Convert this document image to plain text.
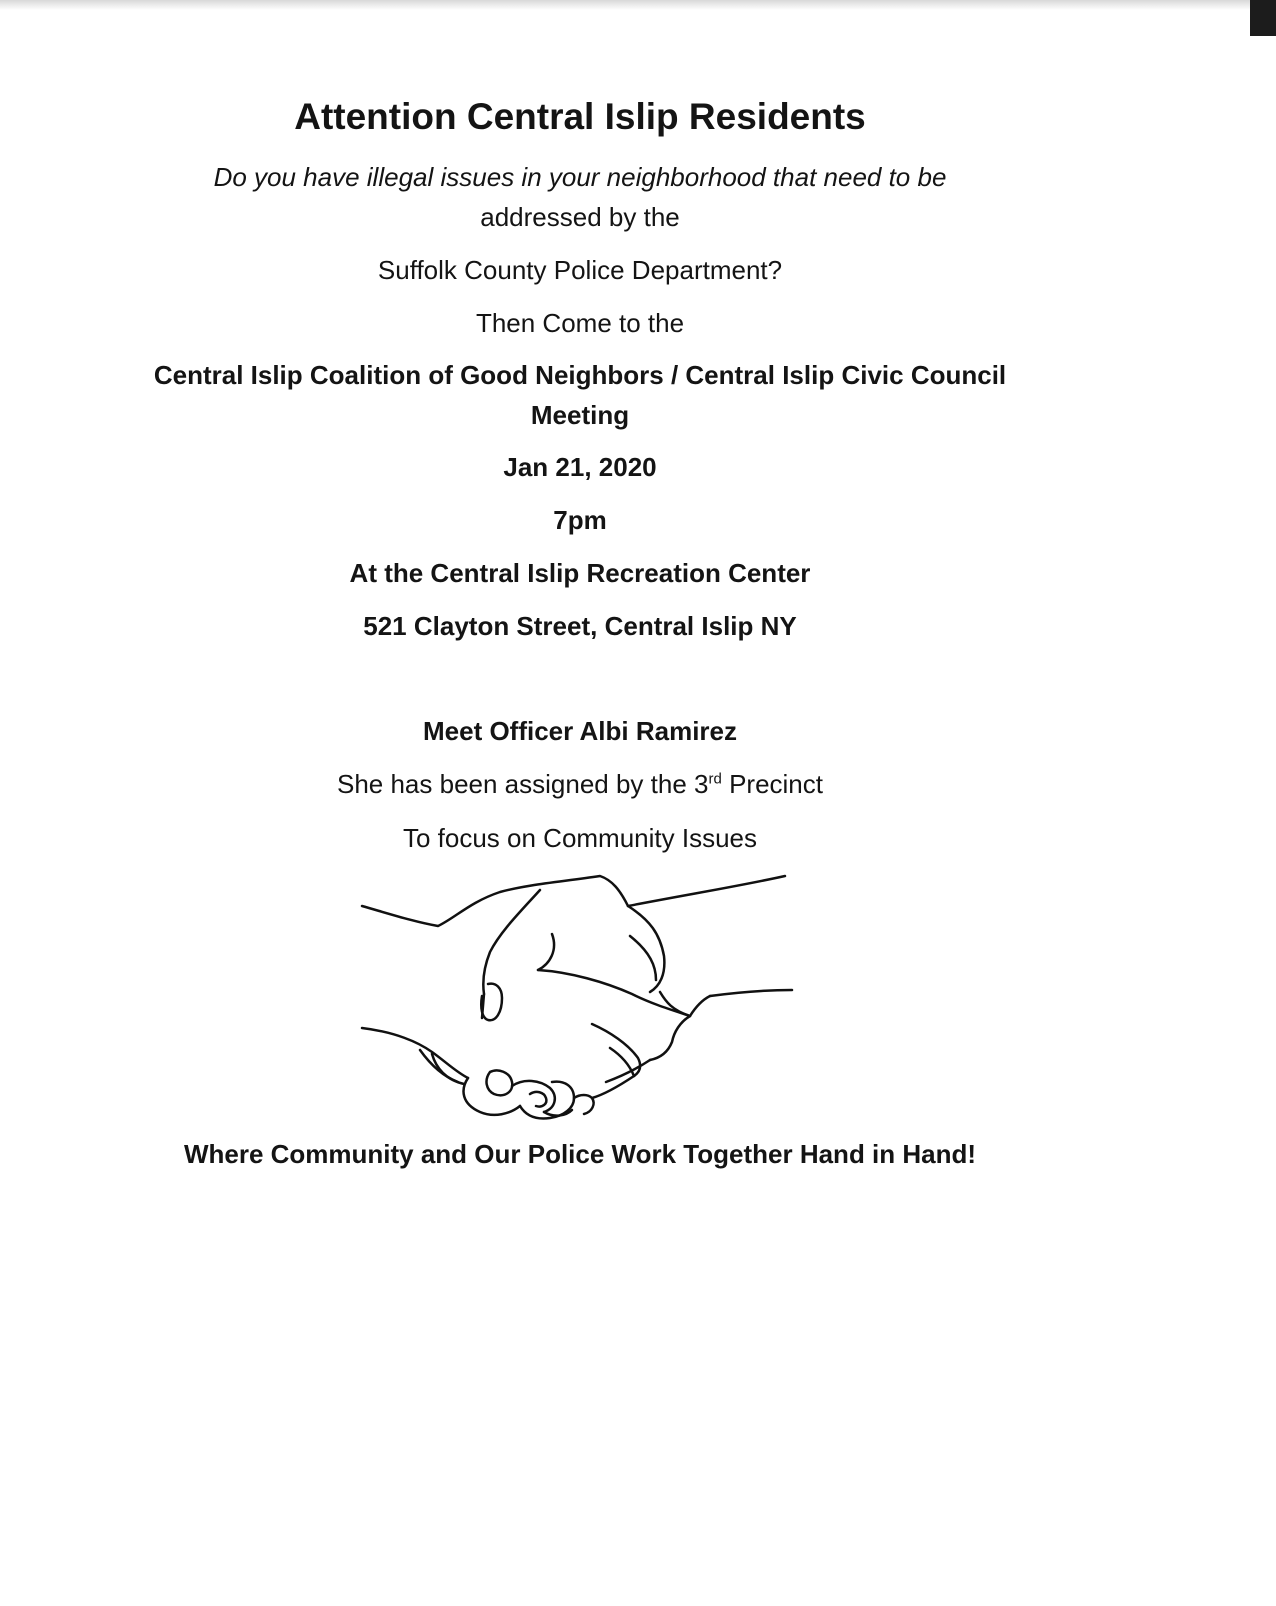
Attention Central Islip Residents
Do you have illegal issues in your neighborhood that need to be
addressed by the
Suffolk County Police Department?
Then Come to the
Central Islip Coalition of Good Neighbors / Central Islip Civic Council
Meeting
Jan 21, 2020
7pm
At the Central Islip Recreation Center
521 Clayton Street, Central Islip NY
Meet Officer Albi Ramirez
She has been assigned by the 3rd Precinct
To focus on Community Issues
Where Community and Our Police Work Together Hand in Hand!
